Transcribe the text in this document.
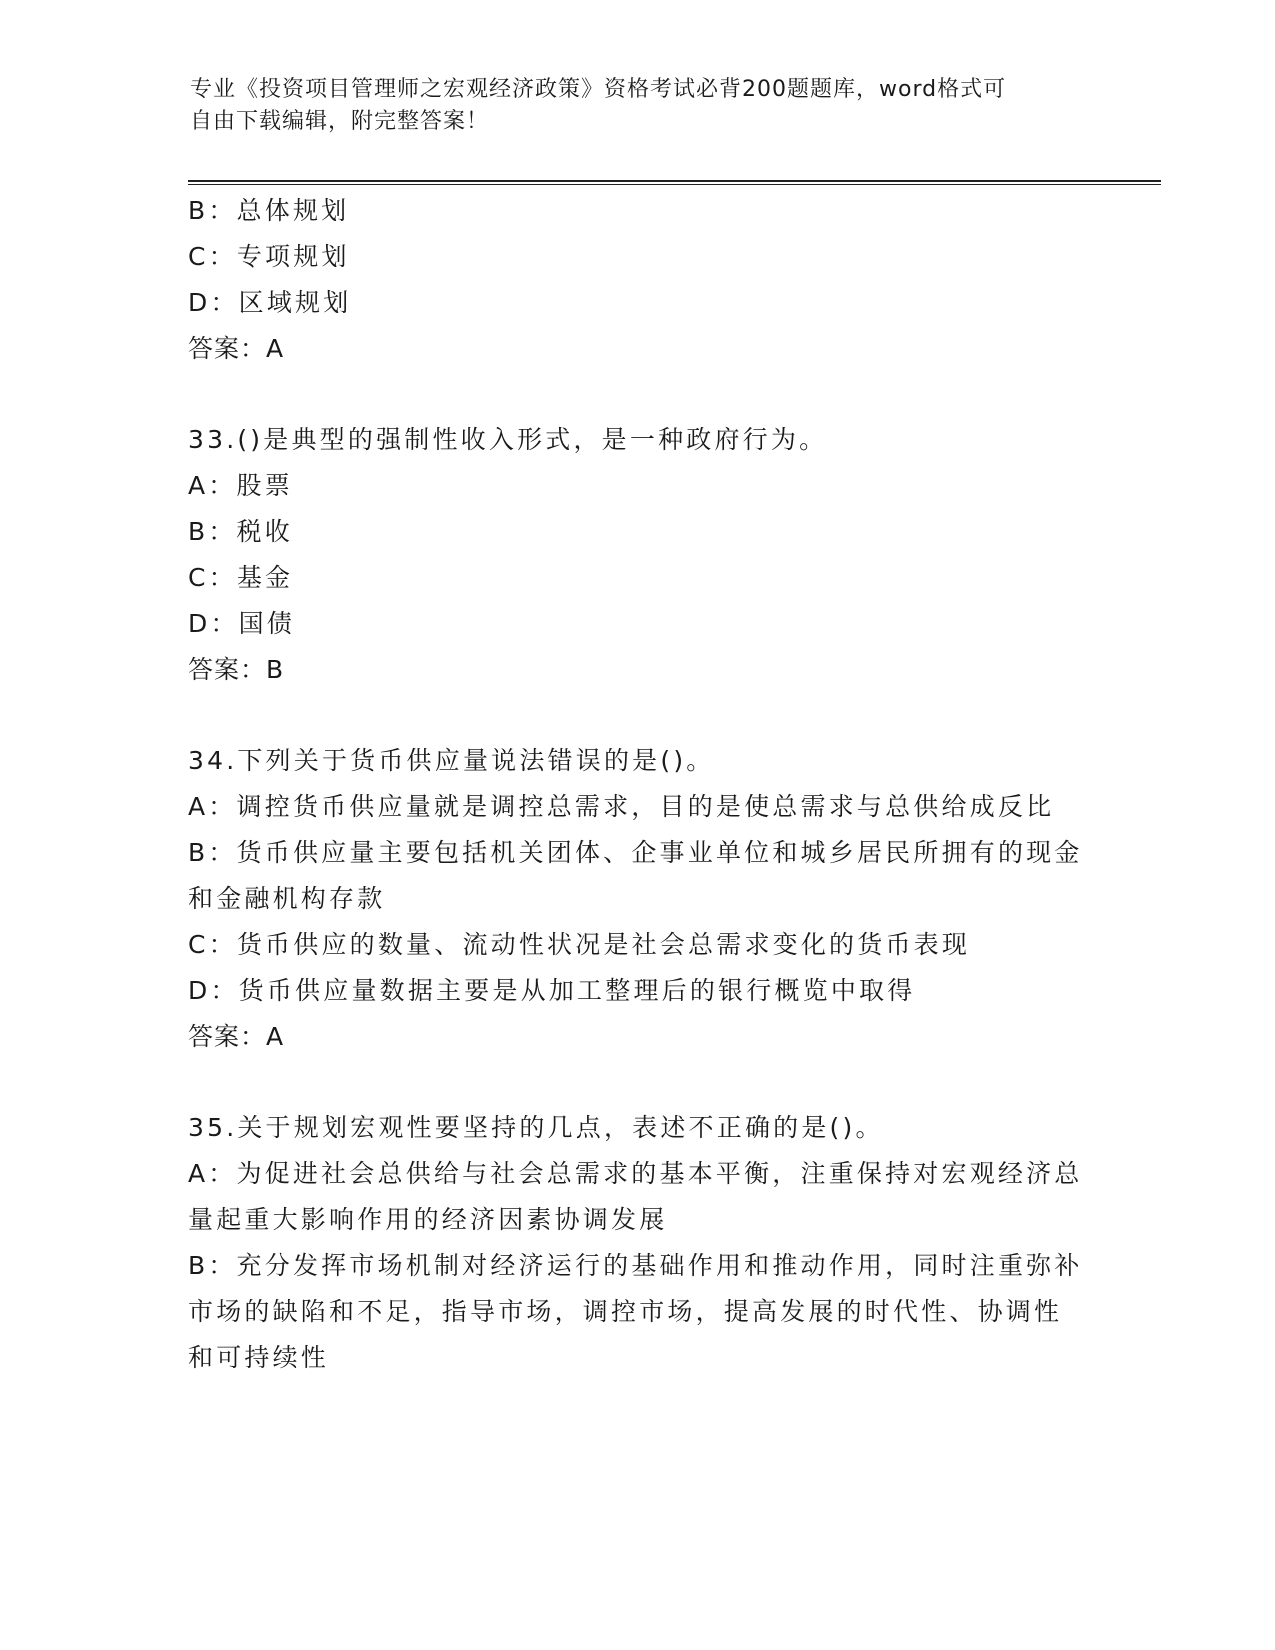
专业《投资项目管理师之宏观经济政策》资格考试必背200题题库，word格式可
自由下载编辑，附完整答案！
B：总体规划
C：专项规划
D：区域规划
答案：A
33.()是典型的强制性收入形式，是一种政府行为。
A：股票
B：税收
C：基金
D：国债
答案：B
34.下列关于货币供应量说法错误的是()。
A：调控货币供应量就是调控总需求，目的是使总需求与总供给成反比
B：货币供应量主要包括机关团体、企事业单位和城乡居民所拥有的现金和金融机构存款
C：货币供应的数量、流动性状况是社会总需求变化的货币表现
D：货币供应量数据主要是从加工整理后的银行概览中取得
答案：A
35.关于规划宏观性要坚持的几点，表述不正确的是()。
A：为促进社会总供给与社会总需求的基本平衡，注重保持对宏观经济总量起重大影响作用的经济因素协调发展
B：充分发挥市场机制对经济运行的基础作用和推动作用，同时注重弥补市场的缺陷和不足，指导市场，调控市场，提高发展的时代性、协调性和可持续性
